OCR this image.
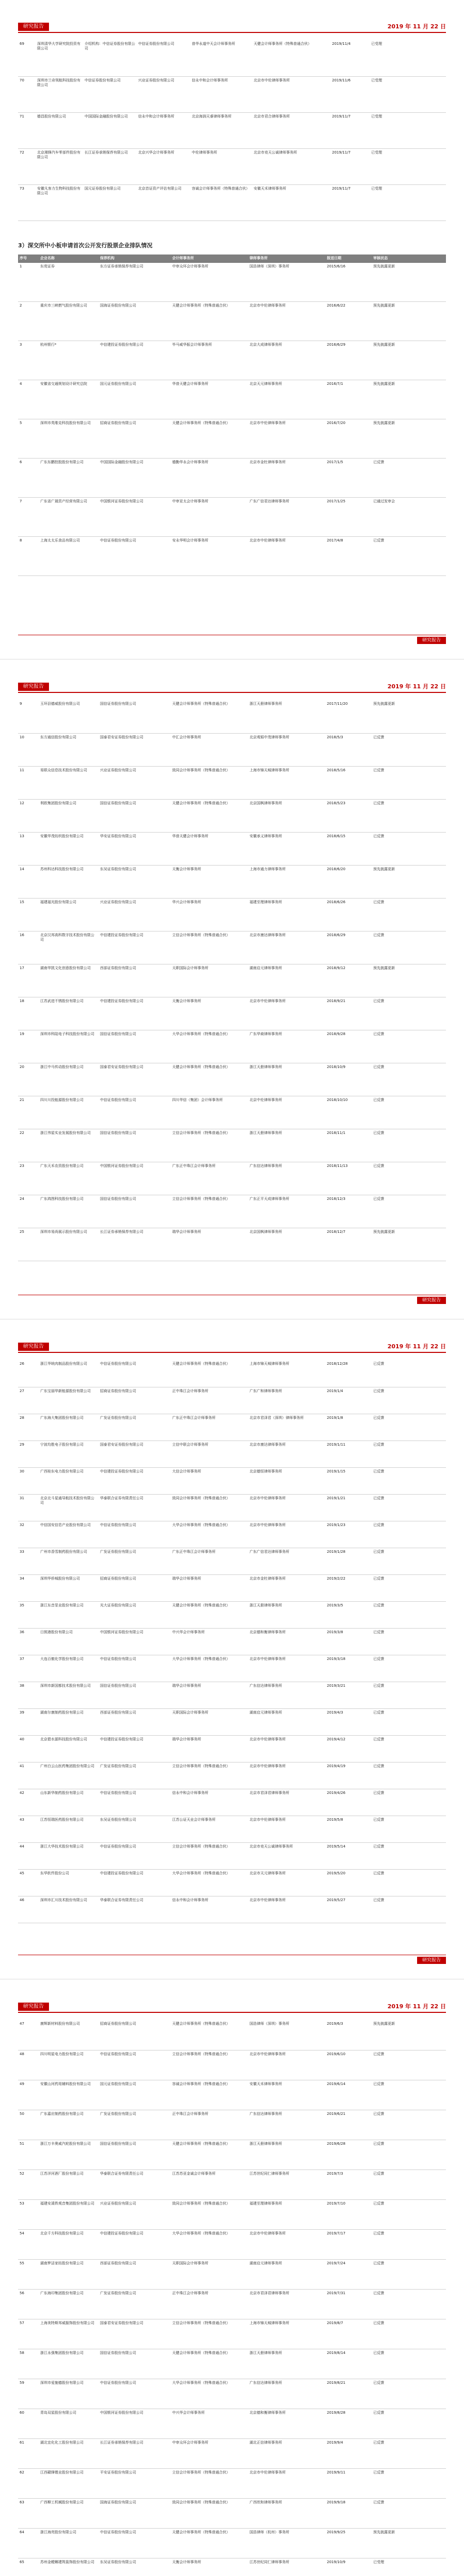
研究报告	2019 年 11 月 22 日
69	深圳清华大学研究院投资有限公司	介绍机构：中信证券股份有限公司	中信证券股份有限公司	普华永道中天会计师事务所	天健会计师事务所（特殊普通合伙）	2019/11/4	已受理
70	深圳市兰奇领航科技股份有限公司	中信证券股份有限公司	兴业证券股份有限公司	信永中和会计师事务所	北京市中伦律师事务所	2019/11/6	已受理
71	德昌股份有限公司	中国国际金融股份有限公司	信永中和会计师事务所	北京海润天睿律师事务所	北京市君合律师事务所	2019/11/7	已受理
72	北京湘锋汽车零部件股份有限公司	长江证券承销保荐有限公司	北京兴华会计师事务所	中伦律师事务所	北京市竞天公诚律师事务所	2019/11/7	已受理
73	安徽凡客力生物科技股份有限公司	国元证券股份有限公司	北京首证资产评估有限公司	容诚会计师事务所（特殊普通合伙）	安徽天禾律师事务所	2019/11/7	已受理
3）深交所中小板申请首次公开发行股票企业排队情况
序号	企业名称	保荐机构	会计师事务所	律师事务所	报送日期	审核状态
1	东莞证券	东方证券承销保荐有限公司	中审众环会计师事务所	国浩律师（深圳）事务所	2015/6/16	预先披露更新
2	重庆市三峡燃气股份有限公司	国海证券股份有限公司	天健会计师事务所（特殊普通合伙）	北京市中伦律师事务所	2016/6/22	预先披露更新
3	杭州银行*	中信建投证券股份有限公司	毕马威华振会计师事务所	北京大成律师事务所	2016/6/29	预先披露更新
4	安徽省交通规划设计研究总院	国元证券股份有限公司	华普天健会计师事务所	北京天元律师事务所	2016/7/1	预先披露更新
5	深圳市英维克科技股份有限公司	招商证券股份有限公司	天健会计师事务所（特殊普通合伙）	北京市中伦律师事务所	2016/7/20	预先披露更新
6	广东东鹏控股股份有限公司	中国国际金融股份有限公司	德勤华永会计师事务所	北京市金杜律师事务所	2017/1/5	已反馈
7	广东省广晟资产经营有限公司	中国银河证券股份有限公司	中审亚太会计师事务所	广东广信君达律师事务所	2017/1/25	已通过发审会
8	上海太太乐食品有限公司	中信证券股份有限公司	安永华明会计师事务所	北京市中伦律师事务所	2017/4/8	已反馈
研究报告
研究报告	2019 年 11 月 22 日
9	玉环县德威股份有限公司	国信证券股份有限公司	天健会计师事务所（特殊普通合伙）	浙江天册律师事务所	2017/11/20	预先披露更新
10	东方通信股份有限公司	国泰君安证券股份有限公司	中汇会计师事务所	北京观韬中茂律师事务所	2018/5/3	已反馈
11	易联众信息技术股份有限公司	兴业证券股份有限公司	致同会计师事务所（特殊普通合伙）	上海市锦天城律师事务所	2018/5/16	已反馈
12	利欧集团股份有限公司	国信证券股份有限公司	天健会计师事务所（特殊普通合伙）	北京国枫律师事务所	2018/5/23	已反馈
13	安徽华茂纺织股份有限公司	华安证券股份有限公司	华普天健会计师事务所	安徽承义律师事务所	2018/6/15	已反馈
14	苏州科达科技股份有限公司	东吴证券股份有限公司	天衡会计师事务所	上海市通力律师事务所	2018/6/20	预先披露更新
15	福建福光股份有限公司	兴业证券股份有限公司	华兴会计师事务所	福建至理律师事务所	2018/6/26	已反馈
16	北京汉邦高科数字技术股份有限公司	中信建投证券股份有限公司	立信会计师事务所（特殊普通合伙）	北京市康达律师事务所	2018/6/29	已反馈
17	湖南华凯文化创意股份有限公司	西部证券股份有限公司	天职国际会计师事务所	湖南启元律师事务所	2018/9/12	预先披露更新
18	江苏武进不锈股份有限公司	中信建投证券股份有限公司	天衡会计师事务所	北京市中伦律师事务所	2018/9/21	已反馈
19	深圳市科陆电子科技股份有限公司	国信证券股份有限公司	大华会计师事务所（特殊普通合伙）	广东华商律师事务所	2018/9/28	已反馈
20	浙江中马传动股份有限公司	国泰君安证券股份有限公司	天健会计师事务所（特殊普通合伙）	浙江天册律师事务所	2018/10/9	已反馈
21	四川川投能源股份有限公司	中信证券股份有限公司	四川华信（集团）会计师事务所	北京中伦律师事务所	2018/10/10	已反馈
22	浙江伟星实业发展股份有限公司	国信证券股份有限公司	立信会计师事务所（特殊普通合伙）	浙江天册律师事务所	2018/11/1	已反馈
23	广东天禾农资股份有限公司	中国银河证券股份有限公司	广东正中珠江会计师事务所	广东信达律师事务所	2018/11/13	已反馈
24	广东鸿图科技股份有限公司	国信证券股份有限公司	立信会计师事务所（特殊普通合伙）	广东正平天成律师事务所	2018/12/3	已反馈
25	深圳市易尚展示股份有限公司	长江证券承销保荐有限公司	瑞华会计师事务所	北京国枫律师事务所	2018/12/7	预先披露更新
研究报告
研究报告	2019 年 11 月 22 日
26	浙江华统肉制品股份有限公司	中信证券股份有限公司	天健会计师事务所（特殊普通合伙）	上海市锦天城律师事务所	2018/12/28	已反馈
27	广东宝丽华新能源股份有限公司	招商证券股份有限公司	正中珠江会计师事务所	广东广和律师事务所	2019/1/4	已反馈
28	广东海大集团股份有限公司	广发证券股份有限公司	广东正中珠江会计师事务所	北京市君泽君（深圳）律师事务所	2019/1/8	已反馈
29	宁波均胜电子股份有限公司	国泰君安证券股份有限公司	立信中联会计师事务所	北京市康达律师事务所	2019/1/11	已反馈
30	广西桂东电力股份有限公司	中信建投证券股份有限公司	大信会计师事务所	北京德恒律师事务所	2019/1/15	已反馈
31	北京北斗星通导航技术股份有限公司	华泰联合证券有限责任公司	致同会计师事务所（特殊普通合伙）	北京市中伦律师事务所	2019/1/21	已反馈
32	中信国安信息产业股份有限公司	中信证券股份有限公司	大华会计师事务所（特殊普通合伙）	北京市中伦律师事务所	2019/1/23	已反馈
33	广州市香雪制药股份有限公司	广发证券股份有限公司	广东正中珠江会计师事务所	广东广信君达律师事务所	2019/1/28	已反馈
34	深圳华侨城股份有限公司	招商证券股份有限公司	瑞华会计师事务所	北京市金杜律师事务所	2019/2/22	已反馈
35	浙江东音泵业股份有限公司	光大证券股份有限公司	天健会计师事务所（特殊普通合伙）	浙江天册律师事务所	2019/3/5	已反馈
36	日照港股份有限公司	中国银河证券股份有限公司	中兴华会计师事务所	北京德和衡律师事务所	2019/3/8	已反馈
37	大连百傲化学股份有限公司	中信证券股份有限公司	大华会计师事务所（特殊普通合伙）	北京市中伦律师事务所	2019/3/18	已反馈
38	深圳市新国都技术股份有限公司	国信证券股份有限公司	瑞华会计师事务所	广东信达律师事务所	2019/3/21	已反馈
39	湖南尔康制药股份有限公司	西部证券股份有限公司	天职国际会计师事务所	湖南启元律师事务所	2019/4/3	已反馈
40	北京碧水源科技股份有限公司	中信建投证券股份有限公司	瑞华会计师事务所	北京市中伦律师事务所	2019/4/12	已反馈
41	广州白云山医药集团股份有限公司	广发证券股份有限公司	立信会计师事务所（特殊普通合伙）	北京市中伦律师事务所	2019/4/19	已反馈
42	山东新华制药股份有限公司	中信证券股份有限公司	信永中和会计师事务所	北京市君泽君律师事务所	2019/4/26	已反馈
43	江苏恒瑞医药股份有限公司	东吴证券股份有限公司	江苏公证天业会计师事务所	北京市中伦律师事务所	2019/5/8	已反馈
44	浙江大华技术股份有限公司	中信证券股份有限公司	立信会计师事务所（特殊普通合伙）	北京市竞天公诚律师事务所	2019/5/14	已反馈
45	东华软件股份公司	中信建投证券股份有限公司	大华会计师事务所（特殊普通合伙）	北京市天元律师事务所	2019/5/20	已反馈
46	深圳市汇川技术股份有限公司	华泰联合证券有限责任公司	信永中和会计师事务所	北京市中伦律师事务所	2019/5/27	已反馈
研究报告
研究报告	2019 年 11 月 22 日
47	康辉新材料股份有限公司	招商证券股份有限公司	天健会计师事务所（特殊普通合伙）	国浩律师（深圳）事务所	2019/6/3	预先披露更新
48	四川明星电力股份有限公司	中信证券股份有限公司	立信会计师事务所（特殊普通合伙）	北京市中伦律师事务所	2019/6/10	已反馈
49	安徽山河药用辅料股份有限公司	国元证券股份有限公司	容诚会计师事务所（特殊普通合伙）	安徽天禾律师事务所	2019/6/14	已反馈
50	广东嘉应制药股份有限公司	广发证券股份有限公司	正中珠江会计师事务所	广东信达律师事务所	2019/6/21	已反馈
51	浙江万丰奥威汽轮股份有限公司	国信证券股份有限公司	天健会计师事务所（特殊普通合伙）	浙江天册律师事务所	2019/6/28	已反馈
52	江苏洋河酒厂股份有限公司	华泰联合证券有限责任公司	江苏苏亚金诚会计师事务所	江苏世纪同仁律师事务所	2019/7/3	已反馈
53	福建安溪铁观音集团股份有限公司	兴业证券股份有限公司	致同会计师事务所（特殊普通合伙）	福建至理律师事务所	2019/7/10	已反馈
54	北京千方科技股份有限公司	中信建投证券股份有限公司	大华会计师事务所（特殊普通合伙）	北京市中伦律师事务所	2019/7/17	已反馈
55	湖南梦洁家纺股份有限公司	西部证券股份有限公司	天职国际会计师事务所	湖南启元律师事务所	2019/7/24	已反馈
56	广东海印集团股份有限公司	广发证券股份有限公司	正中珠江会计师事务所	北京市君泽君律师事务所	2019/7/31	已反馈
57	上海美特斯邦威服饰股份有限公司	国泰君安证券股份有限公司	立信会计师事务所（特殊普通合伙）	上海市锦天城律师事务所	2019/8/7	已反馈
58	浙江永强集团股份有限公司	国信证券股份有限公司	天健会计师事务所（特殊普通合伙）	浙江天册律师事务所	2019/8/14	已反馈
59	深圳市爱施德股份有限公司	中信证券股份有限公司	大华会计师事务所（特殊普通合伙）	广东信达律师事务所	2019/8/21	已反馈
60	青岛双星股份有限公司	中国银河证券股份有限公司	中兴华会计师事务所	北京德和衡律师事务所	2019/8/28	已反馈
61	湖北宜化化工股份有限公司	长江证券承销保荐有限公司	中审众环会计师事务所	湖北正信律师事务所	2019/9/4	已反馈
62	江西赣锋锂业股份有限公司	平安证券股份有限公司	立信会计师事务所（特殊普通合伙）	北京市中伦律师事务所	2019/9/11	已反馈
63	广西柳工机械股份有限公司	国海证券股份有限公司	致同会计师事务所（特殊普通合伙）	广西欣和律师事务所	2019/9/18	已反馈
64	浙江海亮股份有限公司	中信证券股份有限公司	天健会计师事务所（特殊普通合伙）	国浩律师（杭州）事务所	2019/9/25	预先披露更新
65	苏州金螳螂建筑装饰股份有限公司	东吴证券股份有限公司	天衡会计师事务所	江苏世纪同仁律师事务所	2019/10/9	已受理
